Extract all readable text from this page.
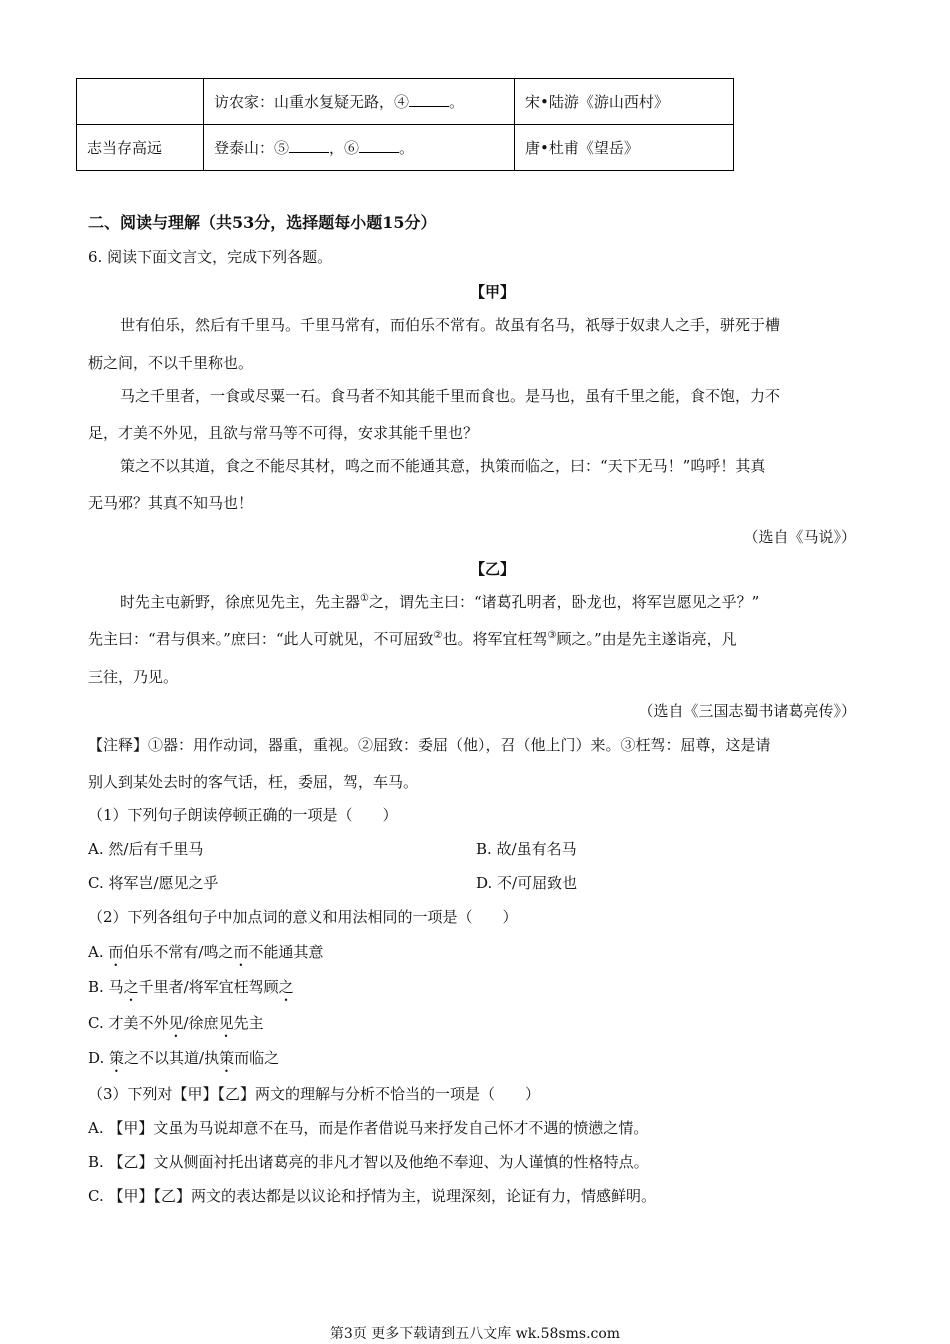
	访农家：山重水复疑无路，④ 。	宋•陆游《游山西村》
志当存高远	登泰山：⑤ ，⑥ 。	唐•杜甫《望岳》
二、阅读与理解（共53分，选择题每小题15分）
6. 阅读下面文言文，完成下列各题。
【甲】
世有伯乐，然后有千里马。千里马常有，而伯乐不常有。故虽有名马，祇辱于奴隶人之手，骈死于槽
枥之间，不以千里称也。
马之千里者，一食或尽粟一石。食马者不知其能千里而食也。是马也，虽有千里之能，食不饱，力不
足，才美不外见，且欲与常马等不可得，安求其能千里也？
策之不以其道，食之不能尽其材，鸣之而不能通其意，执策而临之，曰：“天下无马！”呜呼！其真
无马邪？其真不知马也！
（选自《马说》）
【乙】
时先主屯新野，徐庶见先主，先主器①之，谓先主曰：“诸葛孔明者，卧龙也，将军岂愿见之乎？”
先主曰：“君与俱来。”庶曰：“此人可就见，不可屈致②也。将军宜枉驾③顾之。”由是先主遂诣亮，凡
三往，乃见。
（选自《三国志蜀书诸葛亮传》）
【注释】①器：用作动词，器重，重视。②屈致：委屈（他），召（他上门）来。③枉驾：屈尊，这是请
别人到某处去时的客气话，枉，委屈，驾，车马。
（1）下列句子朗读停顿正确的一项是（　　）
A. 然/后有千里马	B. 故/虽有名马
C. 将军岂/愿见之乎	D. 不/可屈致也
（2）下列各组句子中加点词的意义和用法相同的一项是（　　）
A. 而伯乐不常有/鸣之而不能通其意
B. 马之千里者/将军宜枉驾顾之
C. 才美不外见/徐庶见先主
D. 策之不以其道/执策而临之
（3）下列对【甲】【乙】两文的理解与分析不恰当的一项是（　　）
A. 【甲】文虽为马说却意不在马，而是作者借说马来抒发自己怀才不遇的愤懑之情。
B. 【乙】文从侧面衬托出诸葛亮的非凡才智以及他绝不奉迎、为人谨慎的性格特点。
C. 【甲】【乙】两文的表达都是以议论和抒情为主，说理深刻，论证有力，情感鲜明。
第3页 更多下载请到五八文库 wk.58sms.com
